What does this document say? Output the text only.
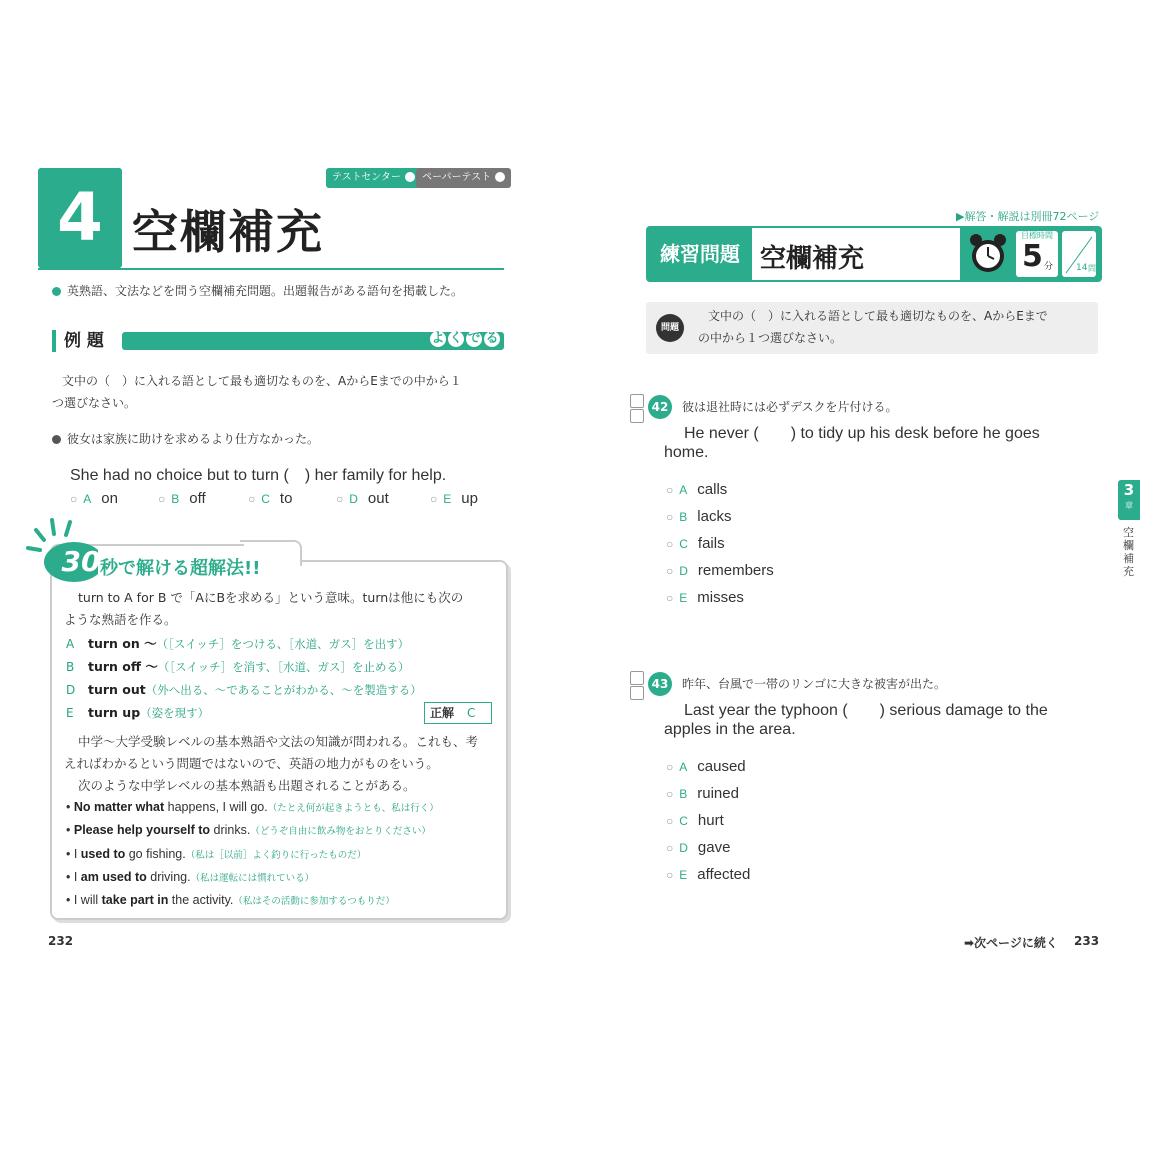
4 空欄補充
テストセンター	ペーパーテスト
英熟語、文法などを問う空欄補充問題。出題報告がある語句を掲載した。
例 題	よ く で る
文中の（　）に入れる語として最も適切なものを、AからEまでの中から１
つ選びなさい。
彼女は家族に助けを求めるより仕方なかった。
She had no choice but to turn (　) her family for help.
○ A on	○ B off	○ C to	○ D out	○ E up
30 秒で解ける超解法!!
turn to A for B で「AにBを求める」という意味。turnは他にも次の
ような熟語を作る。
A turn on ～（［スイッチ］をつける、［水道、ガス］を出す）
B turn off ～（［スイッチ］を消す、［水道、ガス］を止める）
D turn out（外へ出る、～であることがわかる、～を製造する）
E turn up（姿を現す）	正解 C
中学～大学受験レベルの基本熟語や文法の知識が問われる。これも、考
えればわかるという問題ではないので、英語の地力がものをいう。
次のような中学レベルの基本熟語も出題されることがある。
• No matter what happens, I will go.（たとえ何が起きようとも、私は行く）
• Please help yourself to drinks.（どうぞ自由に飲み物をおとりください）
• I used to go fishing.（私は［以前］よく釣りに行ったものだ）
• I am used to driving.（私は運転には慣れている）
• I will take part in the activity.（私はその活動に参加するつもりだ）
232
▶解答・解説は別冊72ページ
練習問題 空欄補充
目標時間
5 分	14 問
問題
文中の（　）に入れる語として最も適切なものを、AからEまで
の中から１つ選びなさい。
42	彼は退社時には必ずデスクを片付ける。
He never (　　) to tidy up his desk before he goes
home.
○ A calls
○ B lacks
○ C fails
○ D remembers
○ E misses
43	昨年、台風で一帯のリンゴに大きな被害が出た。
Last year the typhoon (　　) serious damage to the
apples in the area.
○ A caused
○ B ruined
○ C hurt
○ D gave
○ E affected
3
章
空欄補充
➡次ページに続く 233
